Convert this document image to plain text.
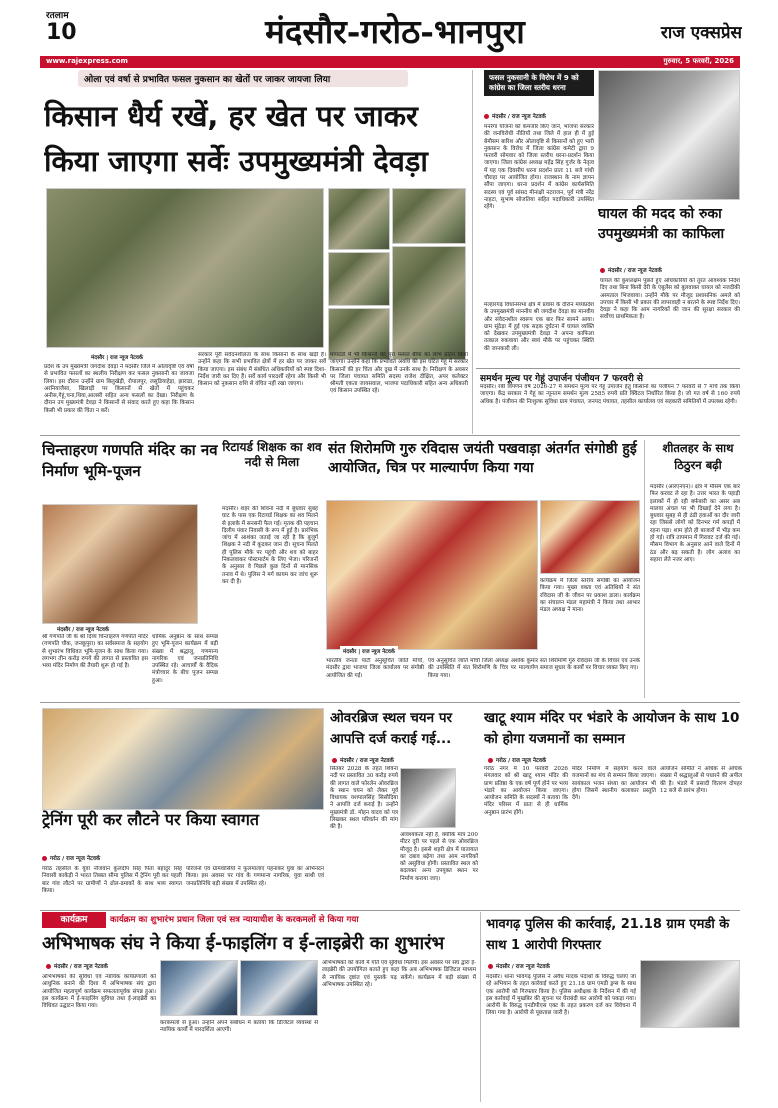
रतलाम
10	मंदसौर-गरोठ-भानपुरा	राज एक्सप्रेस
www.rajexpress.com	गुरुवार, 5 फरवरी, 2026
ओला एवं वर्षा से प्रभावित फसल नुकसान का खेतों पर जाकर जायजा लिया
किसान धैर्य रखें, हर खेत पर जाकर किया जाएगा सर्वेः उपमुख्यमंत्री देवड़ा
मंदसौर | राज न्यूज नेटवर्क
प्रदेश के उप मुख्यमंत्री जगदीश देवड़ा ने मंदसौर जिले में ओलावृष्टि एवं वर्षा से प्रभावित फसलों का स्थलीय निरीक्षण कर फसल नुकसानी का जायजा लिया। इस दौरान उन्होंने ग्राम बिलुखेड़ी, रोपालपुर, लसूडियाहेड़ा, झाराडा, अरनियाजैसा, खिलाड़ी पर किसानों से खेतों में पहुंचकर अनीस,गेहूं,चना,धिया,आलसी सहित अन्य फसलों का देखा। निरीक्षण के दौरान उप मुख्यमंत्री देवड़ा ने किसानों से संवाद करते हुए कहा कि किसान किसी भी प्रकार की चिंता न करें।
सरकार पूरी संवेदनशीलता के साथ किसानों के साथ खड़ी है। उन्होंने कहा कि सभी प्रभावित क्षेत्रों में हर खेत पर जाकर सर्वे किया जाएगा। इस संबंध में संबंधित अधिकारियों को स्पष्ट दिशा-निर्देश जारी कर दिए हैं। सर्वे कार्य पारदर्शी रहेगा और किसी भी किसान को नुकसान राशि से वंचित नहीं रखा जाएगा।
मापदंडों में भी किसानों को पूरा फसल बीमा का लाभ प्रदान किया जाएगा। उन्होंने कहा कि प्रभावित अवधि की इस घटित गेहूं में सरकार किसानों की हर चिंता और दुख में उनके साथ है। निरीक्षण के अवसर पर जिला पंचायत समिति सदस्य राजेश दीक्षित, अपर कलेक्टर श्रीमती एकता जायसवाल, भाजपा पदाधिकारी सहित अन्य अधिकारी एवं किसान उपस्थित रहे।
फसल नुकसानी के विरोध में 9 को कांग्रेस का जिला स्तरीय धरना
मंदसौर / राज न्यूज नेटवर्क
मनरेगा योजना को कमजोर किए जाने, भाजपा सरकार की जनविरोधी नीतियों तथा जिले में हाल ही में हुई बेमौसम बारिश और ओलावृष्टि से किसानों को हुए भारी नुकसान के विरोध में जिला कांग्रेस कमेटी द्वारा 9 फरवरी सोमवार को जिला स्तरीय धरना-प्रदर्शन किया जाएगा। जिला कांग्रेस अध्यक्ष महेंद्र सिंह गुर्जर के नेतृत्व में यह एक दिवसीय धरना प्रदर्शन प्रातः 11 बजे गांधी चौराहा पर आयोजित होगा। राजस्थान के नाम ज्ञापन सौंपा जाएगा। धरना प्रदर्शन में कांग्रेस कार्यसमिति सदस्य एवं पूर्व सांसद मीनाक्षी नटराजन, पूर्व मंत्री नरेंद्र नाहटा, सुभाष सोजतिया सहित पदाधिकारी उपस्थित रहेंगे।	घायल की मदद को रुका उपमुख्यमंत्री का काफिला
मंदसौर / राज न्यूज नेटवर्क
मल्हारगढ़ विधानसभा क्षेत्र में प्रवास के दौरान मध्यप्रदेश के उपमुख्यमंत्री माननीय श्री जगदीश देवड़ा का मानवीय और संवेदनशील स्वरूप एक बार फिर सामने आया। ग्राम सूंठेड़ा में हुई एक सड़क दुर्घटना में घायल व्यक्ति को देखकर उपमुख्यमंत्री देवड़ा ने अपना काफिला तत्काल रुकवाया और स्वयं मौके पर पहुंचकर स्थिति की जानकारी ली।
घायल की कुशलक्षेम पूछते हुए अधिकारियों को तुरंत आवश्यक निर्देश दिए तथा बिना किसी देरी के एंबुलेंस को बुलवाकर घायल को नजदीकी अस्पताल भिजवाया। उन्होंने मौके पर मौजूद प्रशासनिक अमले को उपचार में किसी भी प्रकार की लापरवाही न बरतने के स्पष्ट निर्देश दिए। देवड़ा ने कहा कि आम नागरिकों की जान की सुरक्षा सरकार की सर्वोच्च प्राथमिकता है।
समर्थन मूल्य पर गेहूं उपार्जन पंजीयन 7 फरवरी से
मंदसौर। रबी विपणन वर्ष 2026-27 में समर्थन मूल्य पर गेहूं उपार्जन हेतु किसानों का पंजीयन 7 फरवरी से 7 मार्च तक किया जाएगा। केंद्र सरकार ने गेहूं का न्यूनतम समर्थन मूल्य 2585 रुपये प्रति क्विंटल निर्धारित किया है। जो गत वर्ष से 160 रुपये अधिक है। पंजीयन की निःशुल्क सुविधा ग्राम पंचायत, जनपद पंचायत, तहसील कार्यालय एवं सहकारी समितियों में उपलब्ध रहेगी।
चिन्ताहरण गणपति मंदिर का नव निर्माण भूमि-पूजन
मंदसौर / राज न्यूज नेटवर्क
श्री गणपति जी के श्री दिव्य चिन्ताहरण गणपति मंदिर (गणपति चौक, जनकूपुरा) का सर्वसमाज के सहयोग से शुभारंभ विधिवत भूमि-पूजन के साथ किया गया। लगभग तीन करोड़ रुपये की लागत से प्रस्तावित इस भव्य मंदिर निर्माण की तैयारी शुरू हो गई है।
धार्मिक अनुष्ठान के साथ सम्पन्न हुए भूमि-पूजन कार्यक्रम में बड़ी संख्या में श्रद्धालु, गणमान्य नागरिक एवं जनप्रतिनिधि उपस्थित रहे। आचार्यों के वैदिक मंत्रोच्चार के बीच पूजन सम्पन्न हुआ।
रिटायर्ड शिक्षक का शव नदी से मिला
मंदसौर। शहर की शिवना नदी में बुधवार सुबह घाट के पास एक रिटायर्ड शिक्षक का शव मिलने से इलाके में सनसनी फैल गई। मृतक की पहचान दिलीप पंवार निवासी के रूप में हुई है। प्रारंभिक जांच में आशंका जताई जा रही है कि बुजुर्ग शिक्षक ने नदी में कूदकर जान दी। सूचना मिलते ही पुलिस मौके पर पहुंची और शव को बाहर निकलवाकर पोस्टमार्टम के लिए भेजा। परिजनों के अनुसार वे पिछले कुछ दिनों से मानसिक तनाव में थे। पुलिस ने मर्ग कायम कर जांच शुरू कर दी है।
संत शिरोमणि गुरु रविदास जयंती पखवाड़ा अंतर्गत संगोष्ठी हुई आयोजित, चित्र पर माल्यार्पण किया गया
मंदसौर | राज न्यूज नेटवर्क
भारतीय जनता पार्टी अनुसूचित जाति मोर्चा, मंदसौर द्वारा भाजपा जिला कार्यालय पर संगोष्ठी आयोजित की गई।
एवं अनुसूचित जाति मोर्चा जिला अध्यक्ष अशोक कुमार की उपस्थिति में संत शिरोमणि के चित्र पर माल्यार्पण किया गया।
संत शिरोमणि गुरु रविदास जी के विचार एवं उनके समाज सुधार के कार्यों पर विचार व्यक्त किए गए।
कार्यक्रम में जिला स्तरीय संगोष्ठी का आयोजन किया गया। मुख्य वक्ता एवं अतिथियों ने संत रविदास जी के जीवन पर प्रकाश डाला। कार्यक्रम का संचालन मंडल महामंत्री ने किया तथा आभार मंडल अध्यक्ष ने माना।
शीतलहर के साथ ठिठुरन बढ़ी
मंदसौर (आरएनएन)। क्षेत्र में मौसम एक बार फिर करवट ले रहा है। उत्तर भारत के पहाड़ी इलाकों में हो रही बर्फबारी का असर अब मालवा अंचल पर भी दिखाई देने लगा है। बुधवार सुबह से ही ठंडी हवाओं का दौर जारी रहा जिससे लोगों को दिनभर गर्म कपड़ों में रहना पड़ा। शाम होते ही बाजारों में भीड़ कम हो गई। रात्रि तापमान में गिरावट दर्ज की गई। मौसम विभाग के अनुसार आने वाले दिनों में ठंड और बढ़ सकती है। लोग अलाव का सहारा लेते नजर आए।
ट्रेनिंग पूरी कर लौटने पर किया स्वागत
गरोठ / राज न्यूज नेटवर्क
गरोठ तहसील के युवा नौजवान कुलदीप सिंह पिता बहादुर सिंह निवासी काकेड़ी ने भारत तिब्बत सीमा पुलिस में ट्रेनिंग पूरी कर पहली बार गांव लौटने पर ग्रामीणों ने ढोल-ढमाकों के साथ भव्य स्वागत किया।
परिजनों एवं ग्रामवासियों ने फूलमालाएं पहनाकर युवा का अभिनंदन किया। इस अवसर पर गांव के गणमान्य नागरिक, युवा साथी एवं जनप्रतिनिधि बड़ी संख्या में उपस्थित रहे।
ओवरब्रिज स्थल चयन पर आपत्ति दर्ज कराई गई...
मंदसौर / राज न्यूज नेटवर्क
सितंबर 2028 के तहत शिवना नदी पर प्रस्तावित 30 करोड़ रुपये की लागत वाले फोरलेन ओवरब्रिज के स्थान चयन को लेकर पूर्व विधायक यशपालसिंह सिसौदिया ने आपत्ति दर्ज कराई है। उन्होंने मुख्यमंत्री डॉ. मोहन यादव को पत्र लिखकर स्थल परिवर्तन की मांग की है।
आवश्यकता नहीं है, क्योंकि मात्र 200 मीटर दूरी पर पहले से एक ओवरब्रिज मौजूद है। इससे शहरी क्षेत्र में यातायात का दबाव बढ़ेगा तथा आम नागरिकों को असुविधा होगी। प्रस्तावित स्थल को बदलकर अन्य उपयुक्त स्थान पर निर्माण कराया जाए।
खाटू श्याम मंदिर पर भंडारे के आयोजन के साथ 10 को होगा यजमानों का सम्मान
गरोठ / राज न्यूज नेटवर्क
गरोठ नगर में 10 फरवरी 2026 मंगलवार को श्री खाटू श्याम मंदिर की प्राण प्रतिष्ठा के एक वर्ष पूर्ण होने पर भव्य भंडारे का आयोजन किया जाएगा। आयोजन समिति के सदस्यों ने बताया कि मंदिर परिसर में प्रातः से ही धार्मिक अनुष्ठान प्रारंभ होंगे।
मंदिर निर्माण में सहयोग करने वाले यजमानों का मंच से सम्मान किया जाएगा। सायंकाल भजन संध्या का आयोजन भी होगा जिसमें स्थानीय कलाकार प्रस्तुति देंगे।
आयोजन समिति ने अधिक से अधिक संख्या में श्रद्धालुओं से पधारने की अपील की है। भंडारे में प्रसादी वितरण दोपहर 12 बजे से प्रारंभ होगा।
कार्यक्रम	कार्यक्रम का शुभारंभ प्रधान जिला एवं सत्र न्यायाधीश के करकमलों से किया गया
अभिभाषक संघ ने किया ई-फाइलिंग व ई-लाइब्रेरी का शुभारंभ
मंदसौर / राज न्यूज नेटवर्क
अभिभाषकों की सुविधा एवं न्यायिक कार्यप्रणाली को आधुनिक बनाने की दिशा में अभिभाषक संघ द्वारा आयोजित महत्वपूर्ण कार्यक्रम सफलतापूर्वक संपन्न हुआ। इस कार्यक्रम में ई-फाइलिंग सुविधा तथा ई-लाइब्रेरी का विधिवत उद्घाटन किया गया।
करकमलों से हुआ। उन्होंने अपने संबोधन में बताया कि डिजिटल व्यवस्था से न्यायिक कार्यों में पारदर्शिता आएगी।
अभिभाषकों को कार्य में गति एवं सुविधा मिलेगी। इस अवसर पर संघ द्वारा ई-लाइब्रेरी की उपयोगिता बताते हुए कहा कि अब अभिभाषक डिजिटल माध्यम से न्यायिक दृष्टांत एवं पुस्तकें पढ़ सकेंगे। कार्यक्रम में बड़ी संख्या में अभिभाषक उपस्थित रहे।
भावगढ़ पुलिस की कार्रवाई, 21.18 ग्राम एमडी के साथ 1 आरोपी गिरफ्तार
मंदसौर / राज न्यूज नेटवर्क
मंदसौर। थाना भावगढ़ पुलिस ने अवैध मादक पदार्थों के विरुद्ध चलाए जा रहे अभियान के तहत कार्रवाई करते हुए 21.18 ग्राम एमडी ड्रग्स के साथ एक आरोपी को गिरफ्तार किया है। पुलिस अधीक्षक के निर्देशन में की गई इस कार्रवाई में मुखबिर की सूचना पर घेराबंदी कर आरोपी को पकड़ा गया। आरोपी के विरुद्ध एनडीपीएस एक्ट के तहत प्रकरण दर्ज कर विवेचना में लिया गया है। आरोपी से पूछताछ जारी है।
